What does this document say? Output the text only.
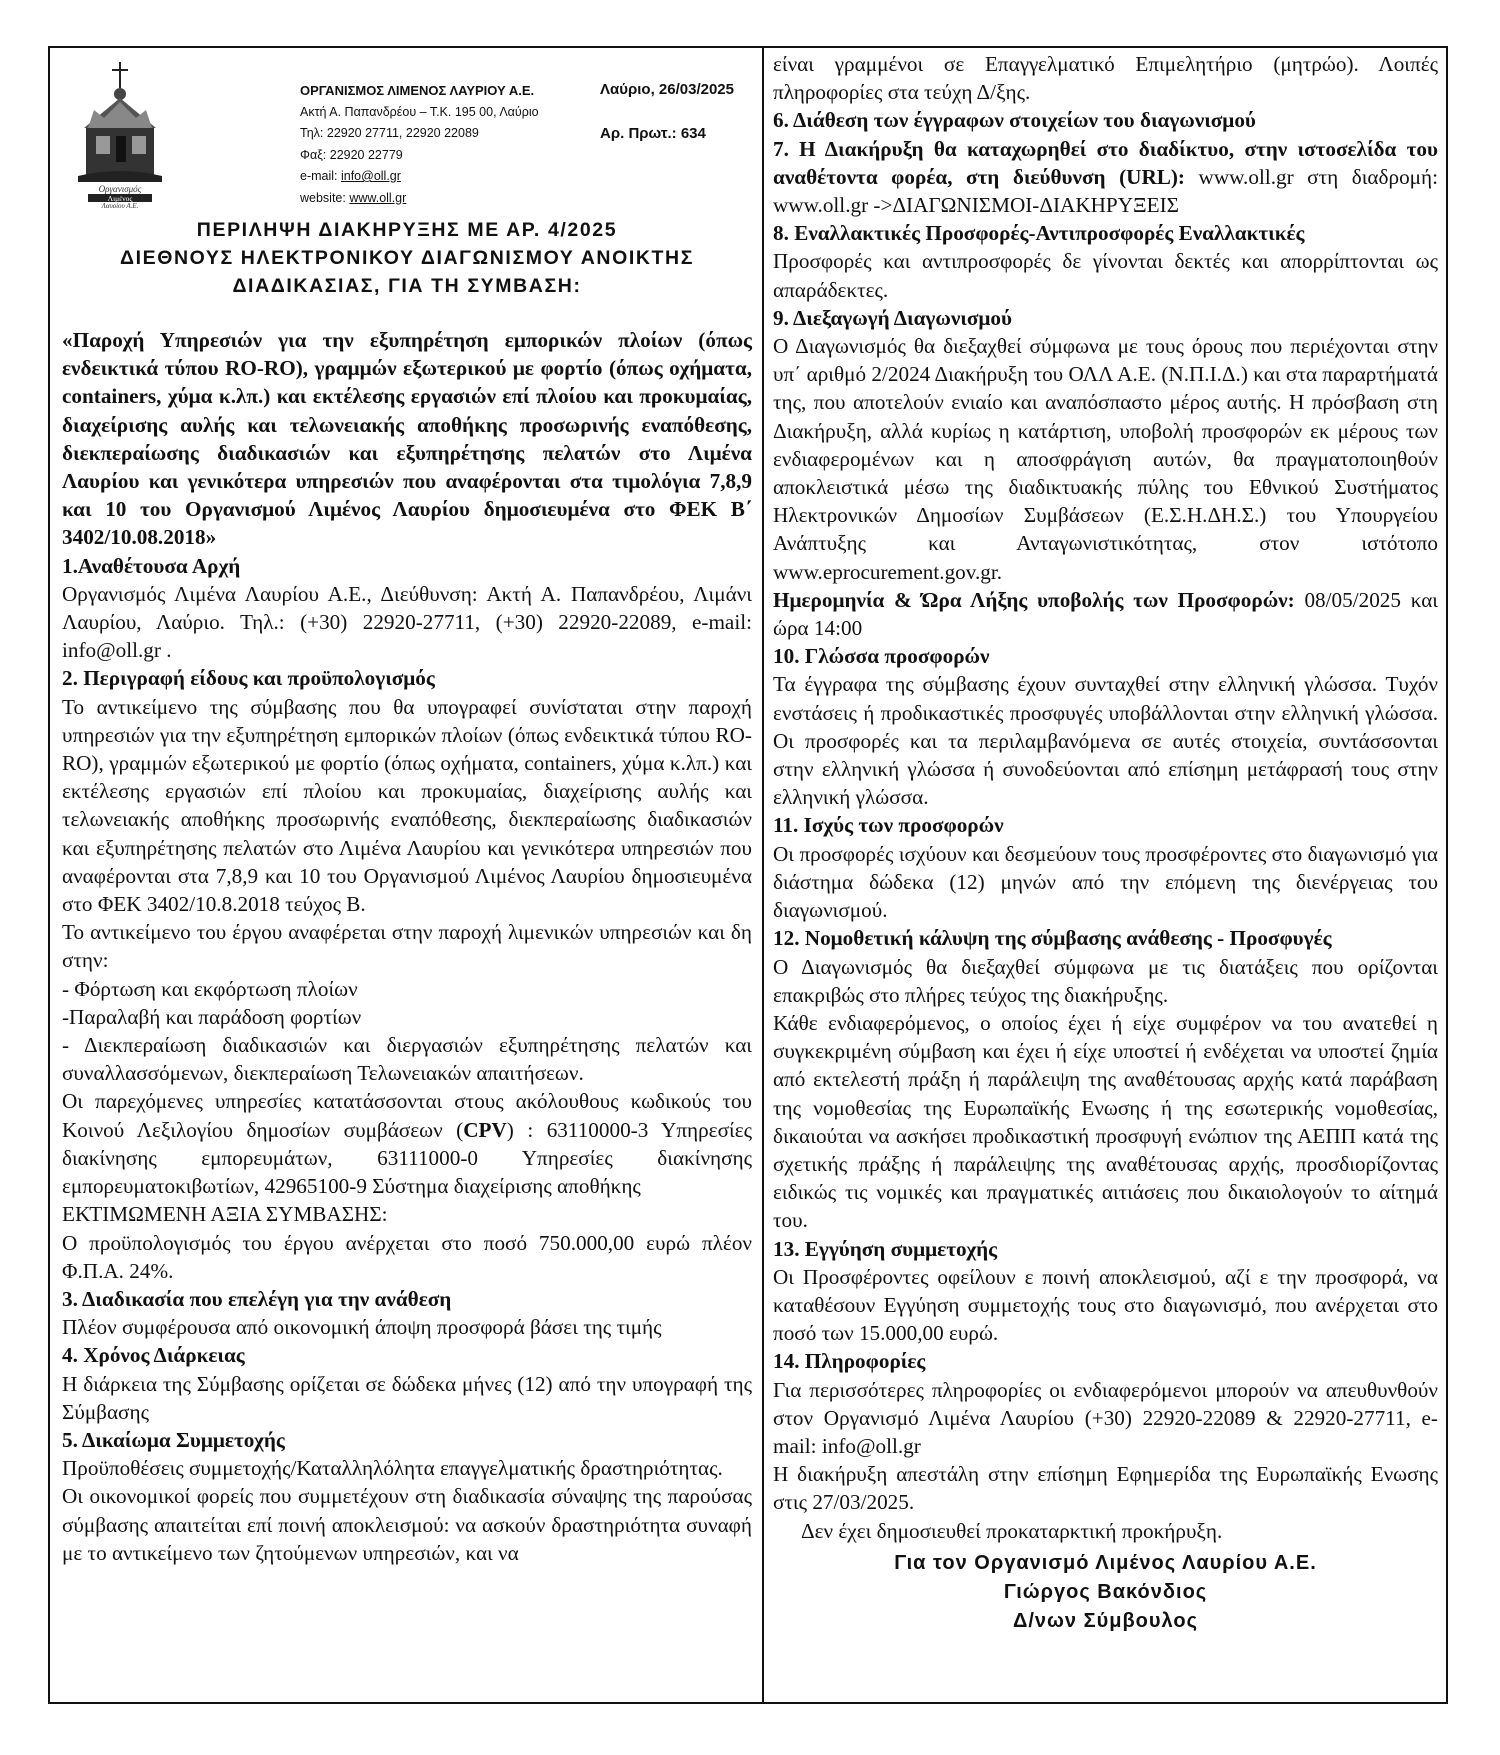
Οργανισμός
Λιμένος
Λαυρίου Α.Ε.
ΟΡΓΑΝΙΣΜΟΣ ΛΙΜΕΝΟΣ ΛΑΥΡΙΟΥ Α.Ε.
Ακτή Α. Παπανδρέου – Τ.Κ. 195 00, Λαύριο
Τηλ: 22920 27711, 22920 22089
Φαξ: 22920 22779
e-mail: info@oll.gr
website: www.oll.gr
Λαύριο, 26/03/2025
Αρ. Πρωτ.: 634
ΠΕΡΙΛΗΨΗ ΔΙΑΚΗΡΥΞΗΣ ΜΕ ΑΡ. 4/2025
ΔΙΕΘΝΟΥΣ ΗΛΕΚΤΡΟΝΙΚΟΥ ΔΙΑΓΩΝΙΣΜΟΥ ΑΝΟΙΚΤΗΣ
ΔΙΑΔΙΚΑΣΙΑΣ, ΓΙΑ ΤΗ ΣΥΜΒΑΣΗ:

«Παροχή Υπηρεσιών για την εξυπηρέτηση εμπορικών πλοίων (όπως ενδεικτικά τύπου RO-RO), γραμμών εξωτερικού με φορτίο (όπως οχήματα, containers, χύμα κ.λπ.) και εκτέλεσης εργασιών επί πλοίου και προκυμαίας, διαχείρισης αυλής και τελωνειακής αποθήκης προσωρινής εναπόθεσης, διεκπεραίωσης διαδικασιών και εξυπηρέτησης πελατών στο Λιμένα Λαυρίου και γενικότερα υπηρεσιών που αναφέρονται στα τιμολόγια 7,8,9 και 10 του Οργανισμού Λιμένος Λαυρίου δημοσιευμένα στο ΦΕΚ Β΄ 3402/10.08.2018»

1.Αναθέτουσα Αρχή

Οργανισμός Λιμένα Λαυρίου Α.Ε., Διεύθυνση: Ακτή Α. Παπανδρέου, Λιμάνι Λαυρίου, Λαύριο. Τηλ.: (+30) 22920-27711, (+30) 22920-22089, e-mail: info@oll.gr .

2. Περιγραφή είδους και προϋπολογισμός

Το αντικείμενο της σύμβασης που θα υπογραφεί συνίσταται στην παροχή υπηρεσιών για την εξυπηρέτηση εμπορικών πλοίων (όπως ενδεικτικά τύπου RO-RO), γραμμών εξωτερικού με φορτίο (όπως οχήματα, containers, χύμα κ.λπ.) και εκτέλεσης εργασιών επί πλοίου και προκυμαίας, διαχείρισης αυλής και τελωνειακής αποθήκης προσωρινής εναπόθεσης, διεκπεραίωσης διαδικασιών και εξυπηρέτησης πελατών στο Λιμένα Λαυρίου και γενικότερα υπηρεσιών που αναφέρονται στα 7,8,9 και 10 του Οργανισμού Λιμένος Λαυρίου δημοσιευμένα στο ΦΕΚ 3402/10.8.2018 τεύχος Β.

Το αντικείμενο του έργου αναφέρεται στην παροχή λιμενικών υπηρεσιών και δη στην:

- Φόρτωση και εκφόρτωση πλοίων

-Παραλαβή και παράδοση φορτίων

- Διεκπεραίωση διαδικασιών και διεργασιών εξυπηρέτησης πελατών και συναλλασσόμενων, διεκπεραίωση Τελωνειακών απαιτήσεων.

Οι παρεχόμενες υπηρεσίες κατατάσσονται στους ακόλουθους κωδικούς του Κοινού Λεξιλογίου δημοσίων συμβάσεων (CPV) : 63110000-3 Υπηρεσίες διακίνησης εμπορευμάτων, 63111000-0 Υπηρεσίες διακίνησης εμπορευματοκιβωτίων, 42965100-9 Σύστημα διαχείρισης αποθήκης

ΕΚΤΙΜΩΜΕΝΗ ΑΞΙΑ ΣΥΜΒΑΣΗΣ:

Ο προϋπολογισμός του έργου ανέρχεται στο ποσό 750.000,00 ευρώ πλέον Φ.Π.Α. 24%.

3. Διαδικασία που επελέγη για την ανάθεση

Πλέον συμφέρουσα από οικονομική άποψη προσφορά βάσει της τιμής

4. Χρόνος Διάρκειας

Η διάρκεια της Σύμβασης ορίζεται σε δώδεκα μήνες (12) από την υπογραφή της Σύμβασης

5. Δικαίωμα Συμμετοχής

Προϋποθέσεις συμμετοχής/Καταλληλόλητα επαγγελματικής δραστηριότητας.

Οι οικονομικοί φορείς που συμμετέχουν στη διαδικασία σύναψης της παρούσας σύμβασης απαιτείται επί ποινή αποκλεισμού: να ασκούν δραστηριότητα συναφή με το αντικείμενο των ζητούμενων υπηρεσιών, και να

είναι γραμμένοι σε Επαγγελματικό Επιμελητήριο (μητρώο). Λοιπές πληροφορίες στα τεύχη Δ/ξης.

6. Διάθεση των έγγραφων στοιχείων του διαγωνισμού

7. Η Διακήρυξη θα καταχωρηθεί στο διαδίκτυο, στην ιστοσελίδα του αναθέτοντα φορέα, στη διεύθυνση (URL): www.oll.gr στη διαδρομή: www.oll.gr ->ΔΙΑΓΩΝΙΣΜΟΙ-ΔΙΑΚΗΡΥΞΕΙΣ

8. Εναλλακτικές Προσφορές-Αντιπροσφορές Εναλλακτικές

Προσφορές και αντιπροσφορές δε γίνονται δεκτές και απορρίπτονται ως απαράδεκτες.

9. Διεξαγωγή Διαγωνισμού

Ο Διαγωνισμός θα διεξαχθεί σύμφωνα με τους όρους που περιέχονται στην υπ΄ αριθμό 2/2024 Διακήρυξη του ΟΛΛ Α.Ε. (Ν.Π.Ι.Δ.) και στα παραρτήματά της, που αποτελούν ενιαίο και αναπόσπαστο μέρος αυτής. Η πρόσβαση στη Διακήρυξη, αλλά κυρίως η κατάρτιση, υποβολή προσφορών εκ μέρους των ενδιαφερομένων και η αποσφράγιση αυτών, θα πραγματοποιηθούν αποκλειστικά μέσω της διαδικτυακής πύλης του Εθνικού Συστήματος Ηλεκτρονικών Δημοσίων Συμβάσεων (Ε.Σ.Η.ΔΗ.Σ.) του Υπουργείου Ανάπτυξης και Ανταγωνιστικότητας, στον ιστότοπο www.eprocurement.gov.gr.

Ημερομηνία & Ώρα Λήξης υποβολής των Προσφορών: 08/05/2025 και ώρα 14:00

10. Γλώσσα προσφορών

Τα έγγραφα της σύμβασης έχουν συνταχθεί στην ελληνική γλώσσα. Τυχόν ενστάσεις ή προδικαστικές προσφυγές υποβάλλονται στην ελληνική γλώσσα. Οι προσφορές και τα περιλαμβανόμενα σε αυτές στοιχεία, συντάσσονται στην ελληνική γλώσσα ή συνοδεύονται από επίσημη μετάφρασή τους στην ελληνική γλώσσα.

11. Ισχύς των προσφορών

Οι προσφορές ισχύουν και δεσμεύουν τους προσφέροντες στο διαγωνισμό για διάστημα δώδεκα (12) μηνών από την επόμενη της διενέργειας του διαγωνισμού.

12. Νομοθετική κάλυψη της σύμβασης ανάθεσης - Προσφυγές

Ο Διαγωνισμός θα διεξαχθεί σύμφωνα με τις διατάξεις που ορίζονται επακριβώς στο πλήρες τεύχος της διακήρυξης.

Κάθε ενδιαφερόμενος, ο οποίος έχει ή είχε συμφέρον να του ανατεθεί η συγκεκριμένη σύμβαση και έχει ή είχε υποστεί ή ενδέχεται να υποστεί ζημία από εκτελεστή πράξη ή παράλειψη της αναθέτουσας αρχής κατά παράβαση της νομοθεσίας της Ευρωπαϊκής Ενωσης ή της εσωτερικής νομοθεσίας, δικαιούται να ασκήσει προδικαστική προσφυγή ενώπιον της ΑΕΠΠ κατά της σχετικής πράξης ή παράλειψης της αναθέτουσας αρχής, προσδιορίζοντας ειδικώς τις νομικές και πραγματικές αιτιάσεις που δικαιολογούν το αίτημά του.

13. Εγγύηση συμμετοχής

Οι Προσφέροντες οφείλουν ε ποινή αποκλεισμού, αζί ε την προσφορά, να καταθέσουν Εγγύηση συμμετοχής τους στο διαγωνισμό, που ανέρχεται στο ποσό των 15.000,00 ευρώ.

14. Πληροφορίες

Για περισσότερες πληροφορίες οι ενδιαφερόμενοι μπορούν να απευθυνθούν στον Οργανισμό Λιμένα Λαυρίου (+30) 22920-22089 & 22920-27711, e-mail: info@oll.gr

Η διακήρυξη απεστάλη στην επίσημη Εφημερίδα της Ευρωπαϊκής Ενωσης στις 27/03/2025.

Δεν έχει δημοσιευθεί προκαταρκτική προκήρυξη.

Για τον Οργανισμό Λιμένος Λαυρίου Α.Ε.
Γιώργος Βακόνδιος
Δ/νων Σύμβουλος
